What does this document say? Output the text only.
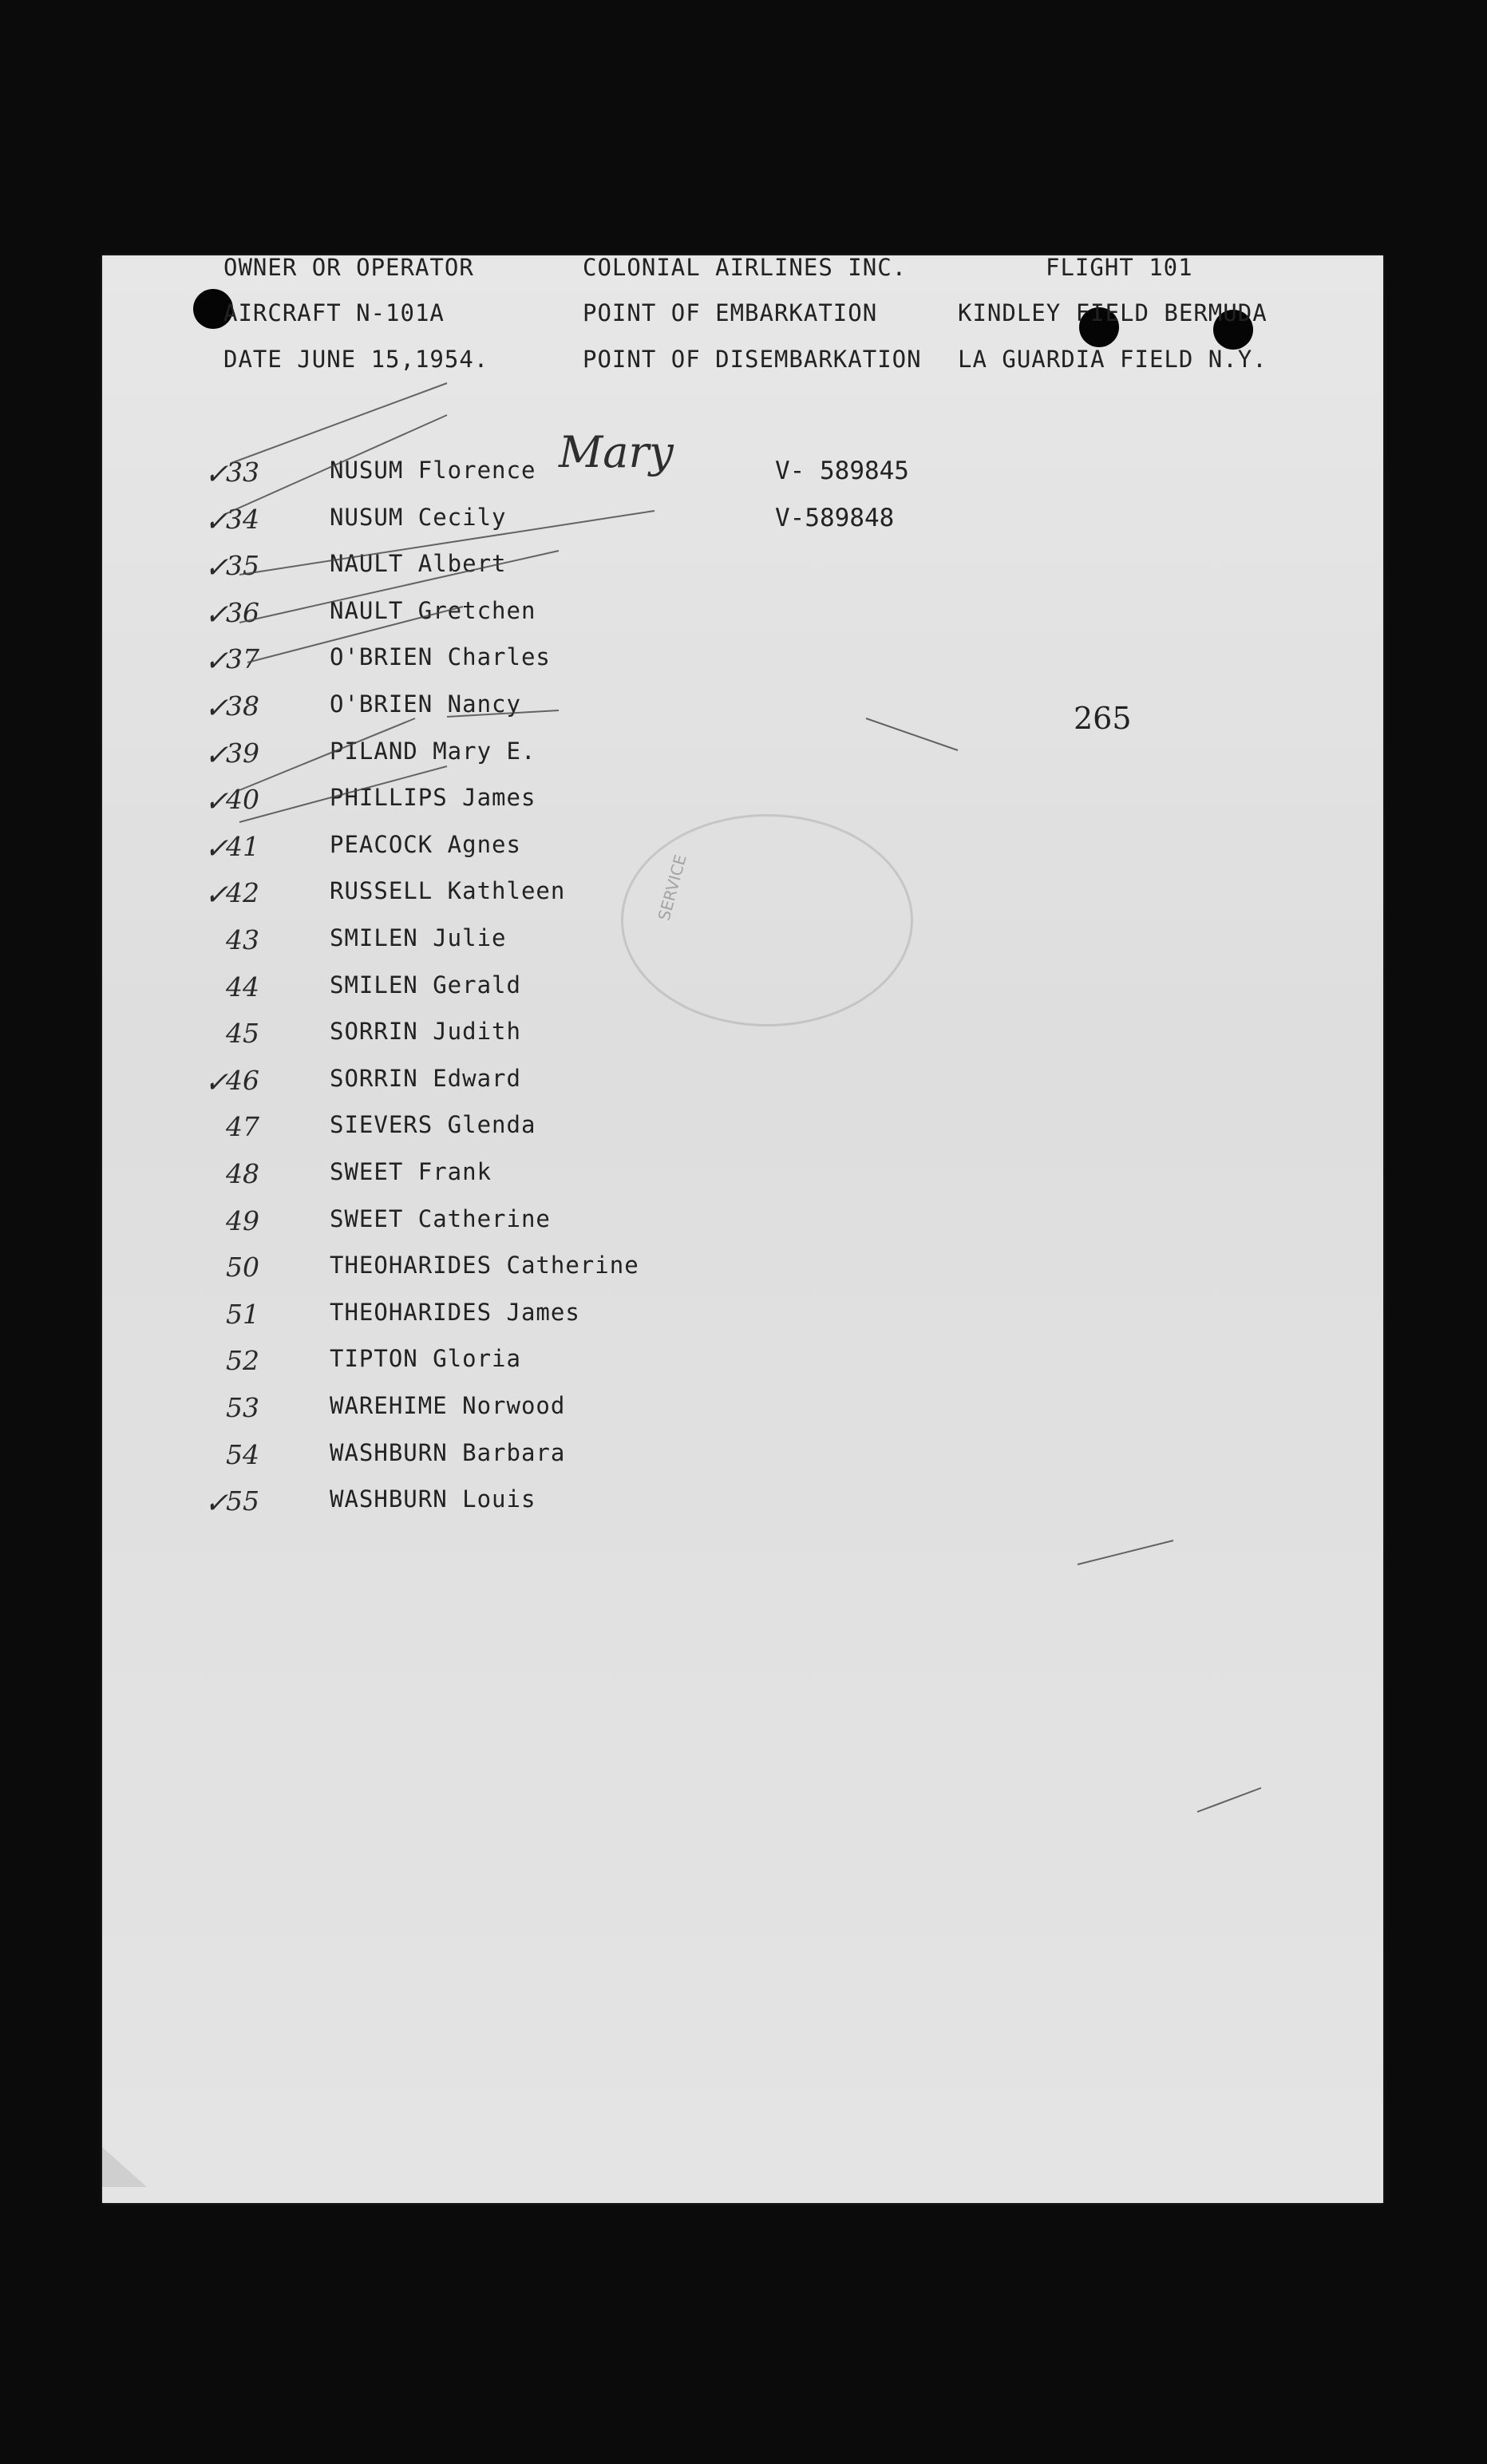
OWNER OR OPERATOR	COLONIAL AIRLINES INC.	FLIGHT 101
AIRCRAFT N-101A	POINT OF EMBARKATION	KINDLEY FIELD BERMUDA
DATE JUNE 15,1954.	POINT OF DISEMBARKATION LA GUARDIA FIELD N.Y.
✓
33	NUSUM Florence	V- 589845
✓
34	NUSUM Cecily	V-589848
✓
35	NAULT Albert
✓
36	NAULT Gretchen
✓
37	O'BRIEN Charles
✓
38	O'BRIEN Nancy
✓
39	PILAND Mary E.
✓
40	PHILLIPS James
✓
41	PEACOCK Agnes
✓
42	RUSSELL Kathleen
43	SMILEN Julie
44	SMILEN Gerald
45	SORRIN Judith
✓
46	SORRIN Edward
47	SIEVERS Glenda
48	SWEET Frank
49	SWEET Catherine
50	THEOHARIDES Catherine
51	THEOHARIDES James
52	TIPTON Gloria
53	WAREHIME Norwood
54	WASHBURN Barbara
✓
55	WASHBURN Louis
Mary
265
SERVICE
